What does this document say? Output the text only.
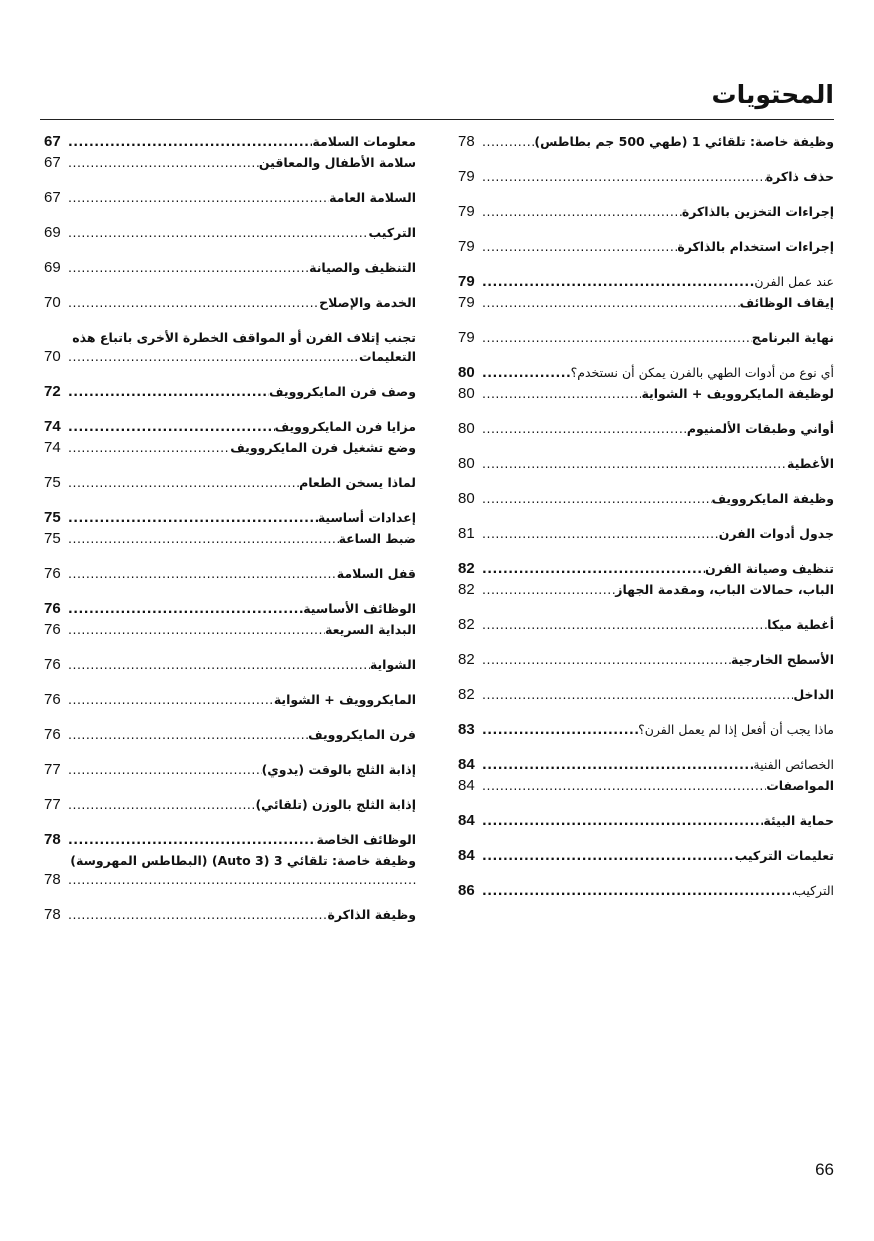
المحتويات
معلومات السلامة
.....
67
سلامة الأطفال والمعاقين
.....
67
السلامة العامة
.....
67
التركيب
.....
69
التنظيف والصيانة
.....
69
الخدمة والإصلاح
.....
70
تجنب إتلاف الفرن أو المواقف الخطرة الأخرى باتباع هذه
التعليمات
.....
70
وصف فرن المايكروويف
.....
72
مزايا فرن المايكروويف
.....
74
وضع تشغيل فرن المايكروويف
.....
74
لماذا يسخن الطعام
.....
75
إعدادات أساسية
.....
75
ضبط الساعة
.....
75
قفل السلامة
.....
76
الوظائف الأساسية
.....
76
البداية السريعة
.....
76
الشواية
.....
76
المايكروويف + الشواية
.....
76
فرن المايكروويف
.....
76
إذابة الثلج بالوقت (يدوي)
.....
77
إذابة الثلج بالوزن (تلقائي)
.....
77
الوظائف الخاصة
.....
78
وظيفة خاصة: تلقائي 3 (Auto 3) (البطاطس المهروسة)
.....
78
وظيفة الذاكرة
.....
78
وظيفة خاصة: تلقائي 1 (طهي 500 جم بطاطس)
.....
78
حذف ذاكرة
.....
79
إجراءات التخزين بالذاكرة
.....
79
إجراءات استخدام بالذاكرة
.....
79
عند عمل الفرن
.....
79
إيقاف الوظائف
.....
79
نهاية البرنامج
.....
79
أي نوع من أدوات الطهي بالفرن يمكن أن نستخدم؟
.....
80
لوظيفة المايكروويف + الشواية
.....
80
أواني وطبقات الألمنيوم
.....
80
الأغطية
.....
80
وظيفة المايكروويف
.....
80
جدول أدوات الفرن
.....
81
تنظيف وصيانة الفرن
.....
82
الباب، حمالات الباب، ومقدمة الجهاز
.....
82
أغطية ميكا
.....
82
الأسطح الخارجية
.....
82
الداخل
.....
82
ماذا يجب أن أفعل إذا لم يعمل الفرن؟
.....
83
الخصائص الفنية
.....
84
المواصفات
.....
84
حماية البيئة
.....
84
تعليمات التركيب
.....
84
التركيب
.....
86
66
